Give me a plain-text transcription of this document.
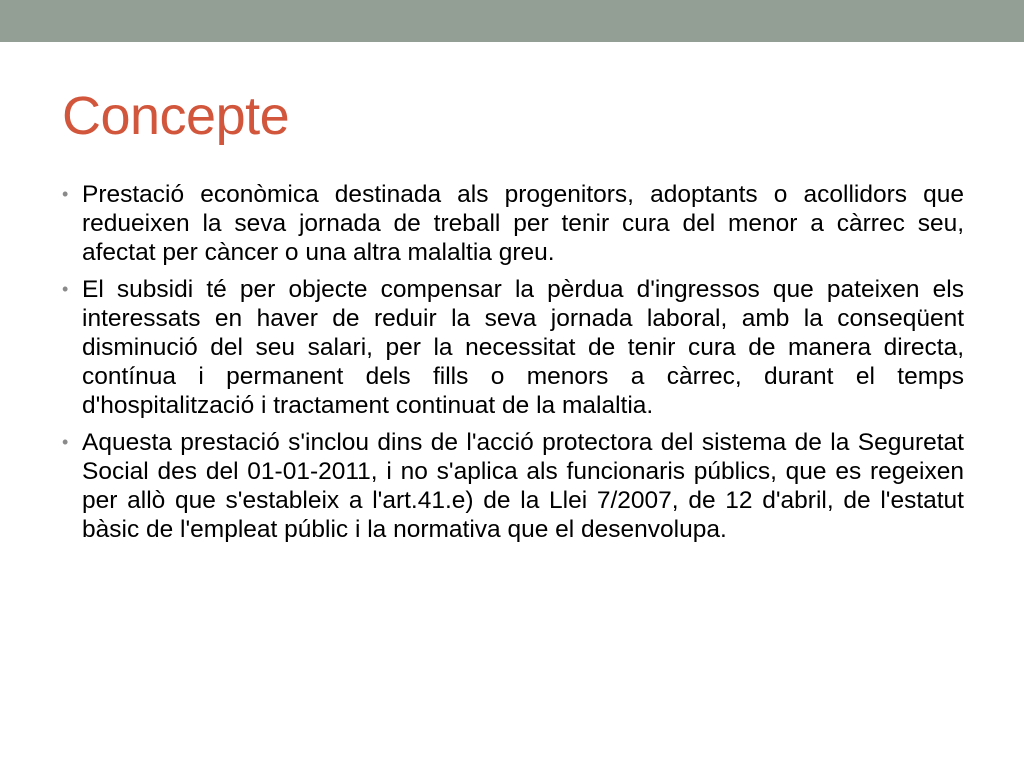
Concepte
• Prestació econòmica destinada als progenitors, adoptants o acollidors que redueixen la seva jornada de treball per tenir cura del menor a càrrec seu, afectat per càncer o una altra malaltia greu.
• El subsidi té per objecte compensar la pèrdua d'ingressos que pateixen els interessats en haver de reduir la seva jornada laboral, amb la conseqüent disminució del seu salari, per la necessitat de tenir cura de manera directa, contínua i permanent dels fills o menors a càrrec, durant el temps d'hospitalització i tractament continuat de la malaltia.
• Aquesta prestació s'inclou dins de l'acció protectora del sistema de la Seguretat Social des del 01-01-2011, i no s'aplica als funcionaris públics, que es regeixen per allò que s'estableix a l'art.41.e) de la Llei 7/2007, de 12 d'abril, de l'estatut bàsic de l'empleat públic i la normativa que el desenvolupa.
